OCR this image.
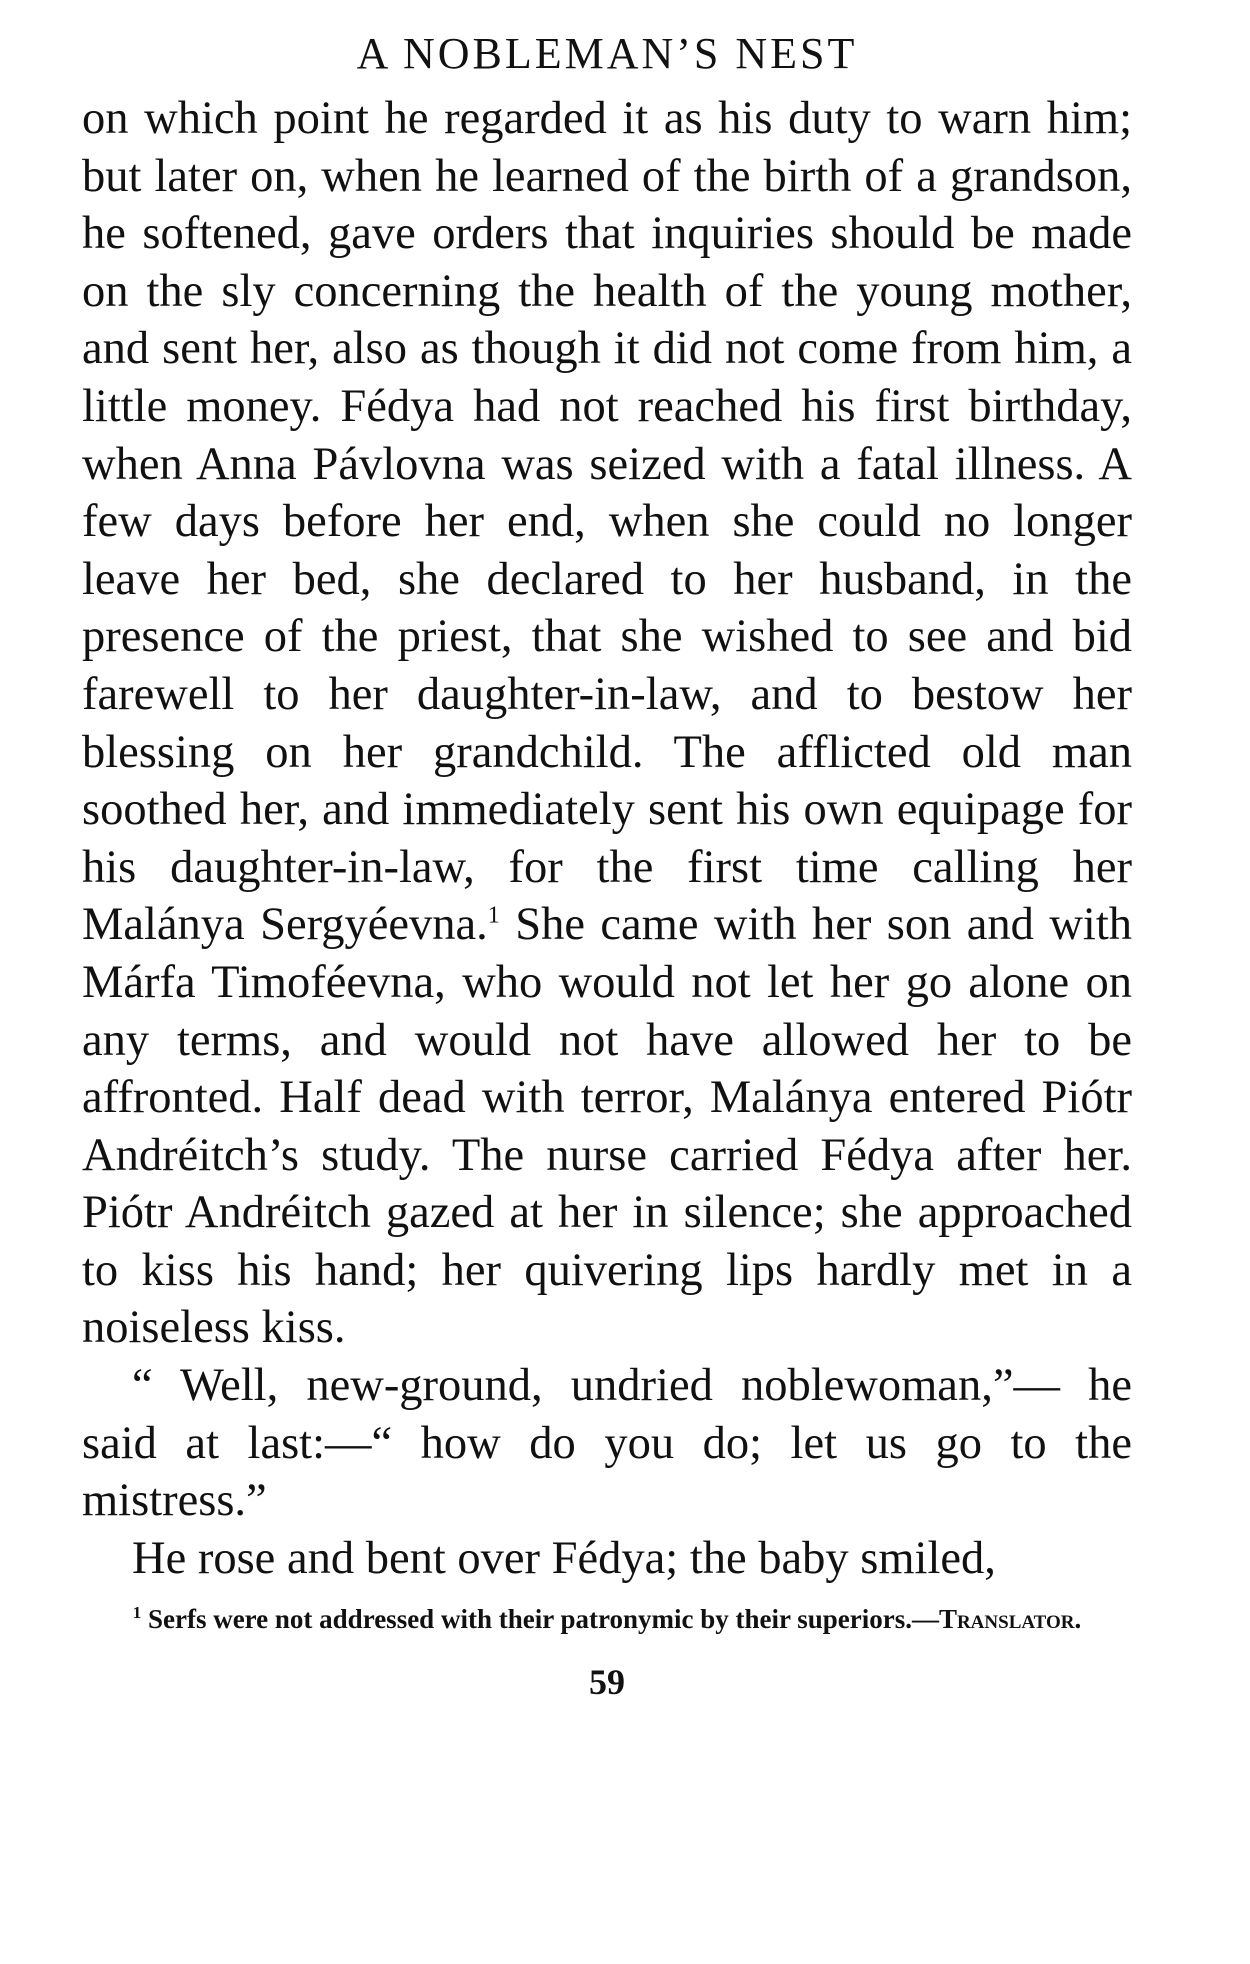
A NOBLEMAN’S NEST

on which point he regarded it as his duty to warn him; but later on, when he learned of the birth of a grandson, he softened, gave orders that inquiries should be made on the sly concerning the health of the young mother, and sent her, also as though it did not come from him, a little money. Fédya had not reached his first birthday, when Anna Pávlovna was seized with a fatal illness. A few days before her end, when she could no longer leave her bed, she declared to her husband, in the presence of the priest, that she wished to see and bid farewell to her daughter-in-law, and to bestow her blessing on her grandchild. The afflicted old man soothed her, and immediately sent his own equipage for his daughter-in-law, for the first time calling her Malánya Sergyéevna.$^1$ She came with her son and with Márfa Timoféevna, who would not let her go alone on any terms, and would not have allowed her to be affronted. Half dead with terror, Malánya entered Piótr Andréitch’s study. The nurse carried Fédya after her. Piótr Andréitch gazed at her in silence; she approached to kiss his hand; her quivering lips hardly met in a noiseless kiss.

“ Well, new-ground, undried noblewoman,”— he said at last:—“ how do you do; let us go to the mistress.”

He rose and bent over Fédya; the baby smiled,

$^1$ Serfs were not addressed with their patronymic by their superiors.—Translator.
59
